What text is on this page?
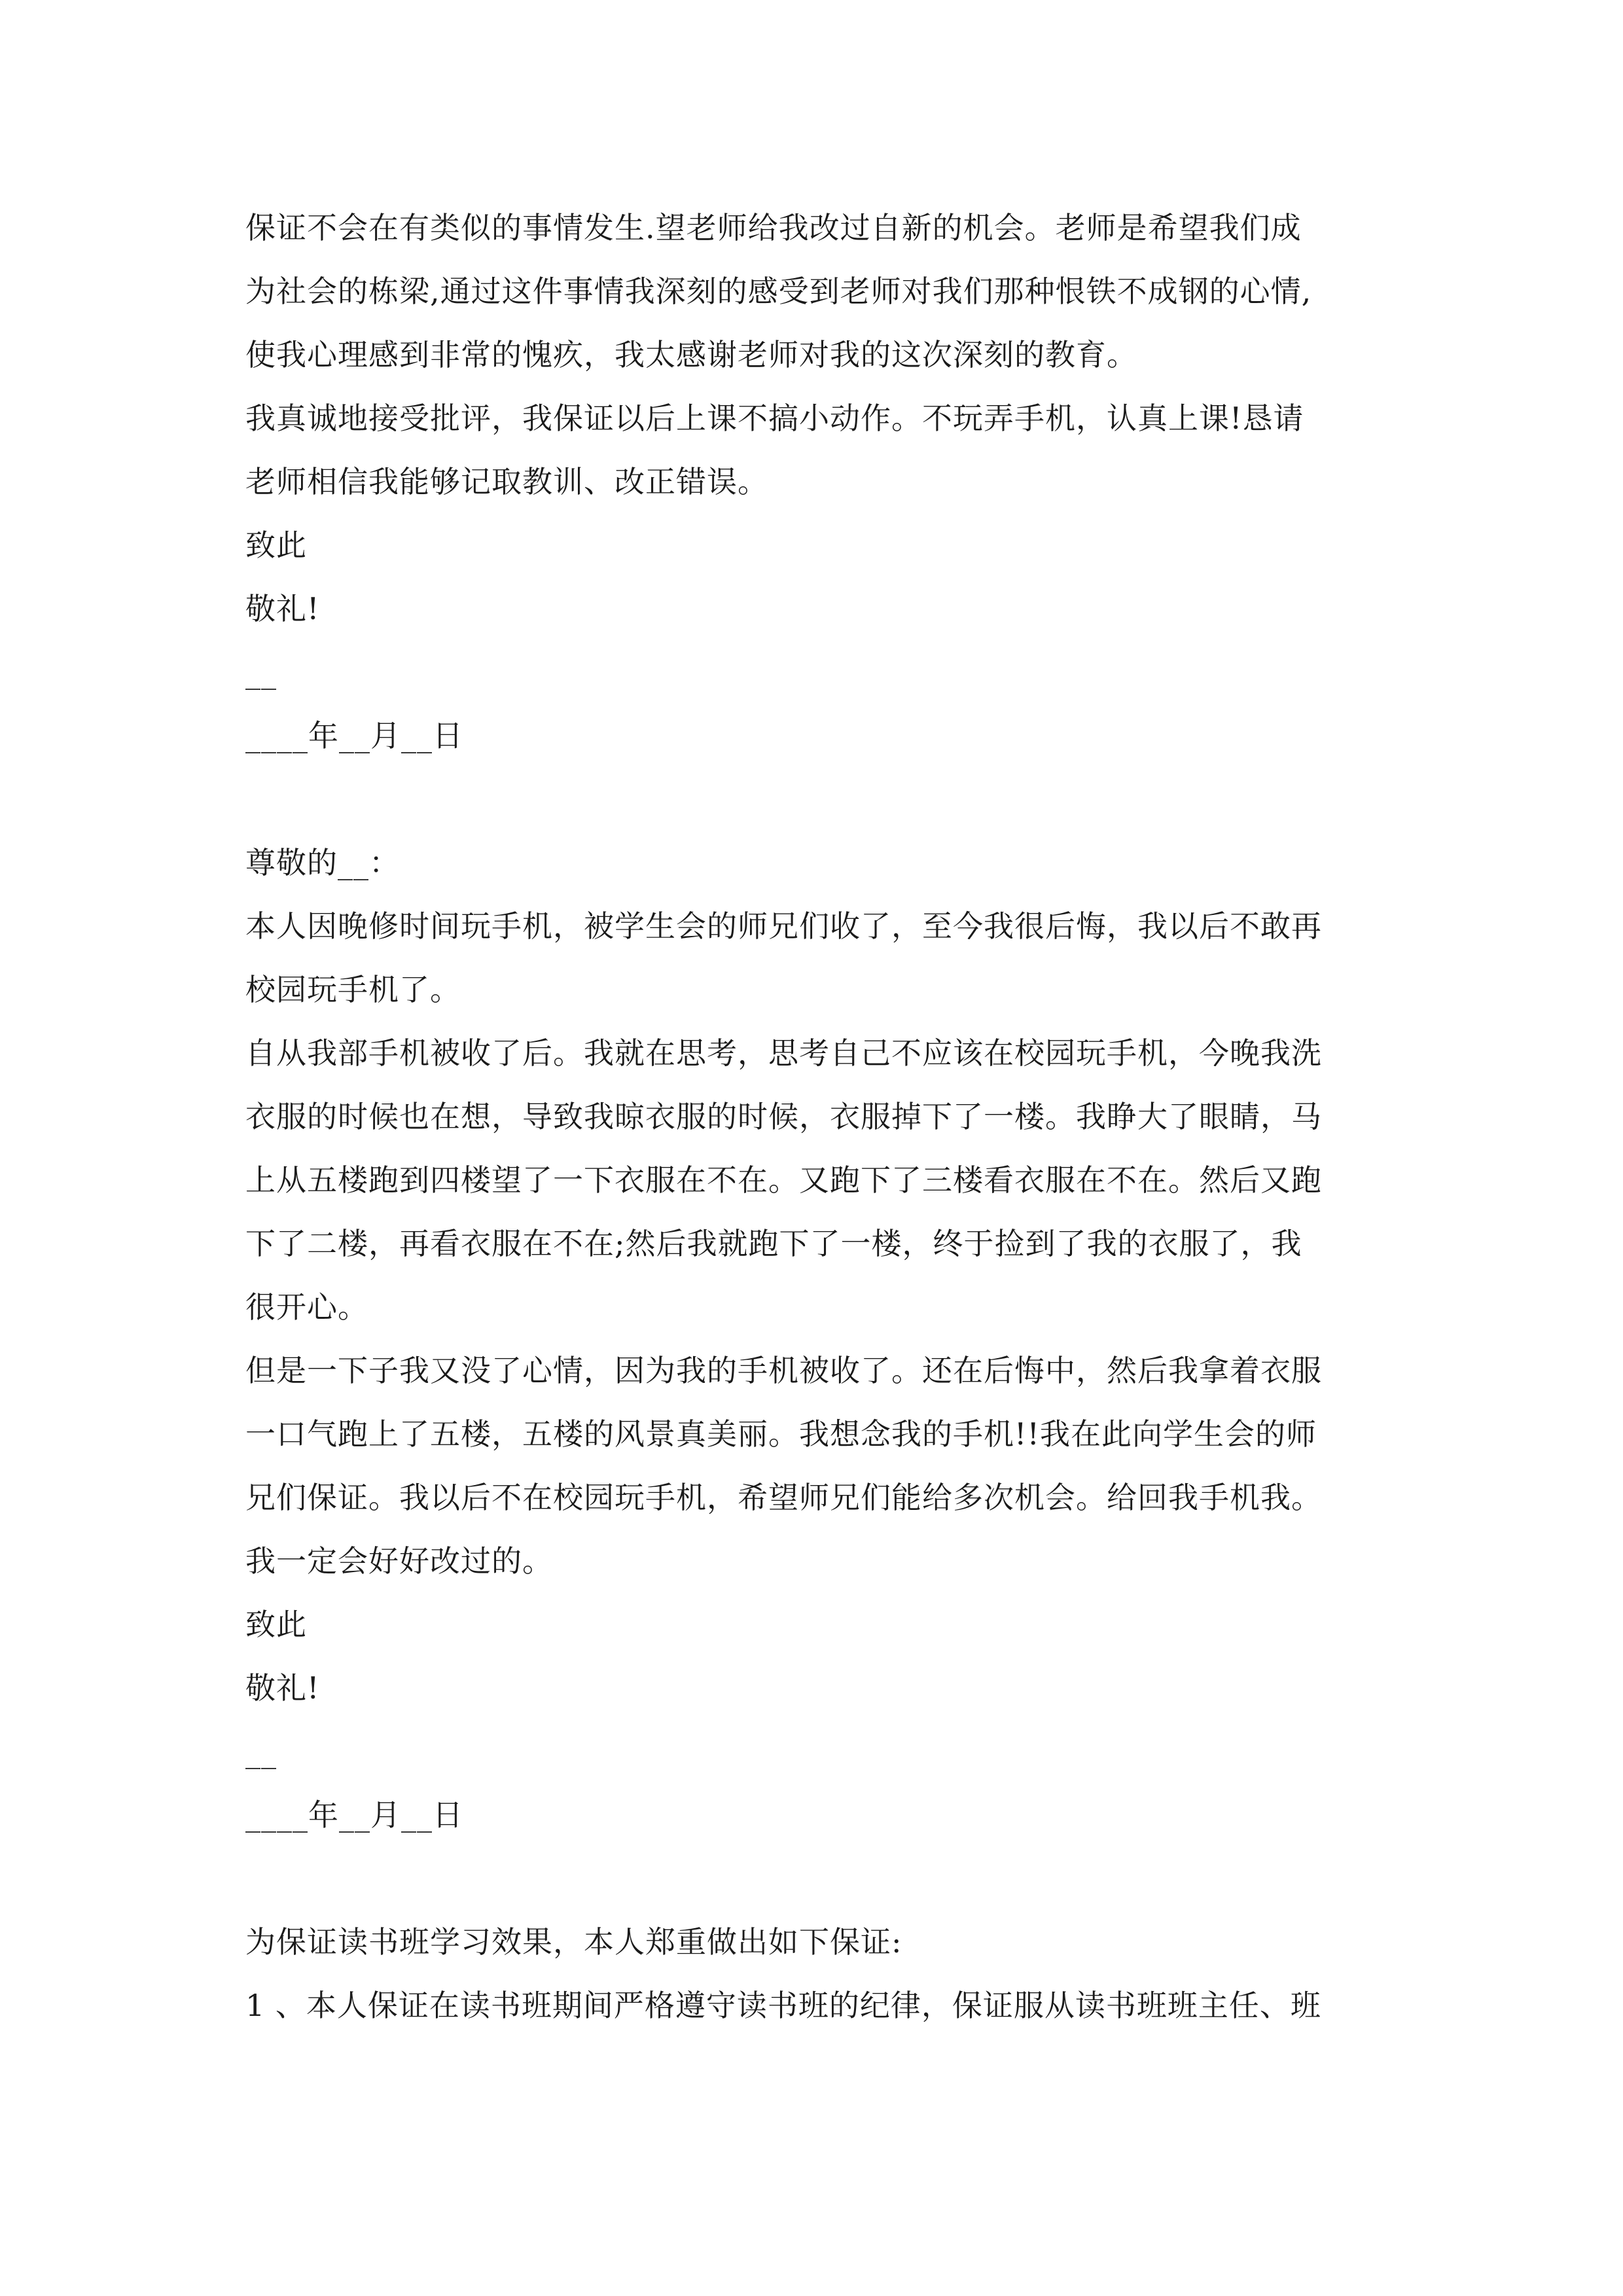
保证不会在有类似的事情发生.望老师给我改过自新的机会。老师是希望我们成
为社会的栋梁,通过这件事情我深刻的感受到老师对我们那种恨铁不成钢的心情,
使我心理感到非常的愧疚，我太感谢老师对我的这次深刻的教育。
我真诚地接受批评，我保证以后上课不搞小动作。不玩弄手机，认真上课!恳请
老师相信我能够记取教训、改正错误。
致此
敬礼!
__
____年__月__日
尊敬的__：
本人因晚修时间玩手机，被学生会的师兄们收了，至今我很后悔，我以后不敢再
校园玩手机了。
自从我部手机被收了后。我就在思考，思考自己不应该在校园玩手机，今晚我洗
衣服的时候也在想，导致我晾衣服的时候，衣服掉下了一楼。我睁大了眼睛，马
上从五楼跑到四楼望了一下衣服在不在。又跑下了三楼看衣服在不在。然后又跑
下了二楼，再看衣服在不在;然后我就跑下了一楼，终于捡到了我的衣服了，我
很开心。
但是一下子我又没了心情，因为我的手机被收了。还在后悔中，然后我拿着衣服
一口气跑上了五楼，五楼的风景真美丽。我想念我的手机!!我在此向学生会的师
兄们保证。我以后不在校园玩手机，希望师兄们能给多次机会。给回我手机我。
我一定会好好改过的。
致此
敬礼!
__
____年__月__日
为保证读书班学习效果，本人郑重做出如下保证:
1 、本人保证在读书班期间严格遵守读书班的纪律，保证服从读书班班主任、班
